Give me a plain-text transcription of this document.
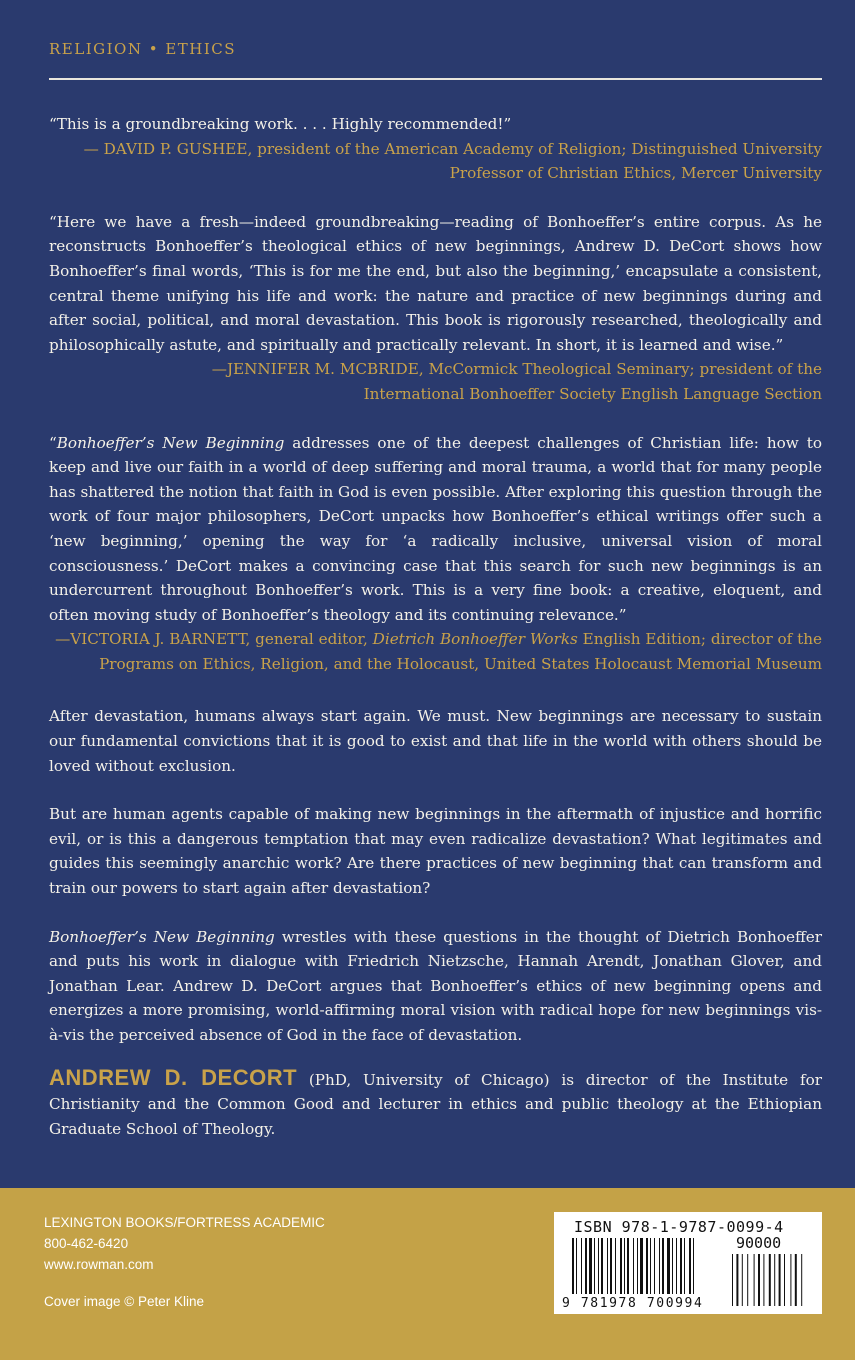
RELIGION • ETHICS

“This is a groundbreaking work. . . . Highly recommended!”

— DAVID P. GUSHEE, president of the American Academy of Religion; Distinguished University

Professor of Christian Ethics, Mercer University

“Here we have a fresh—indeed groundbreaking—reading of Bonhoeffer’s entire corpus. As he reconstructs Bonhoeffer’s theological ethics of new beginnings, Andrew D. DeCort shows how Bonhoeffer’s final words, ‘This is for me the end, but also the beginning,’ encapsulate a consistent, central theme unifying his life and work: the nature and practice of new beginnings during and after social, political, and moral devastation. This book is rigorously researched, theologically and philosophically astute, and spiritually and practically relevant. In short, it is learned and wise.”

—JENNIFER M. MCBRIDE, McCormick Theological Seminary; president of the

International Bonhoeffer Society English Language Section

“Bonhoeffer’s New Beginning addresses one of the deepest challenges of Christian life: how to keep and live our faith in a world of deep suffering and moral trauma, a world that for many people has shattered the notion that faith in God is even possible. After exploring this question through the work of four major philosophers, DeCort unpacks how Bonhoeffer’s ethical writings offer such a ‘new beginning,’ opening the way for ‘a radically inclusive, universal vision of moral consciousness.’ DeCort makes a convincing case that this search for such new beginnings is an undercurrent throughout Bonhoeffer’s work. This is a very fine book: a creative, eloquent, and often moving study of Bonhoeffer’s theology and its continuing relevance.”

—VICTORIA J. BARNETT, general editor, Dietrich Bonhoeffer Works English Edition; director of the

Programs on Ethics, Religion, and the Holocaust, United States Holocaust Memorial Museum

After devastation, humans always start again. We must. New beginnings are necessary to sustain our fundamental convictions that it is good to exist and that life in the world with others should be loved without exclusion.

But are human agents capable of making new beginnings in the aftermath of injustice and horrific evil, or is this a dangerous temptation that may even radicalize devastation? What legitimates and guides this seemingly anarchic work? Are there practices of new beginning that can transform and train our powers to start again after devastation?

Bonhoeffer’s New Beginning wrestles with these questions in the thought of Dietrich Bonhoeffer and puts his work in dialogue with Friedrich Nietzsche, Hannah Arendt, Jonathan Glover, and Jonathan Lear. Andrew D. DeCort argues that Bonhoeffer’s ethics of new beginning opens and energizes a more promising, world-affirming moral vision with radical hope for new beginnings vis-à-vis the perceived absence of God in the face of devastation.

ANDREW D. DECORT (PhD, University of Chicago) is director of the Institute for Christianity and the Common Good and lecturer in ethics and public theology at the Ethiopian Graduate School of Theology.

LEXINGTON BOOKS/FORTRESS ACADEMIC
800-462-6420
www.rowman.com
Cover image © Peter Kline
ISBN 978-1-9787-0099-4
90000
9 781978 700994
